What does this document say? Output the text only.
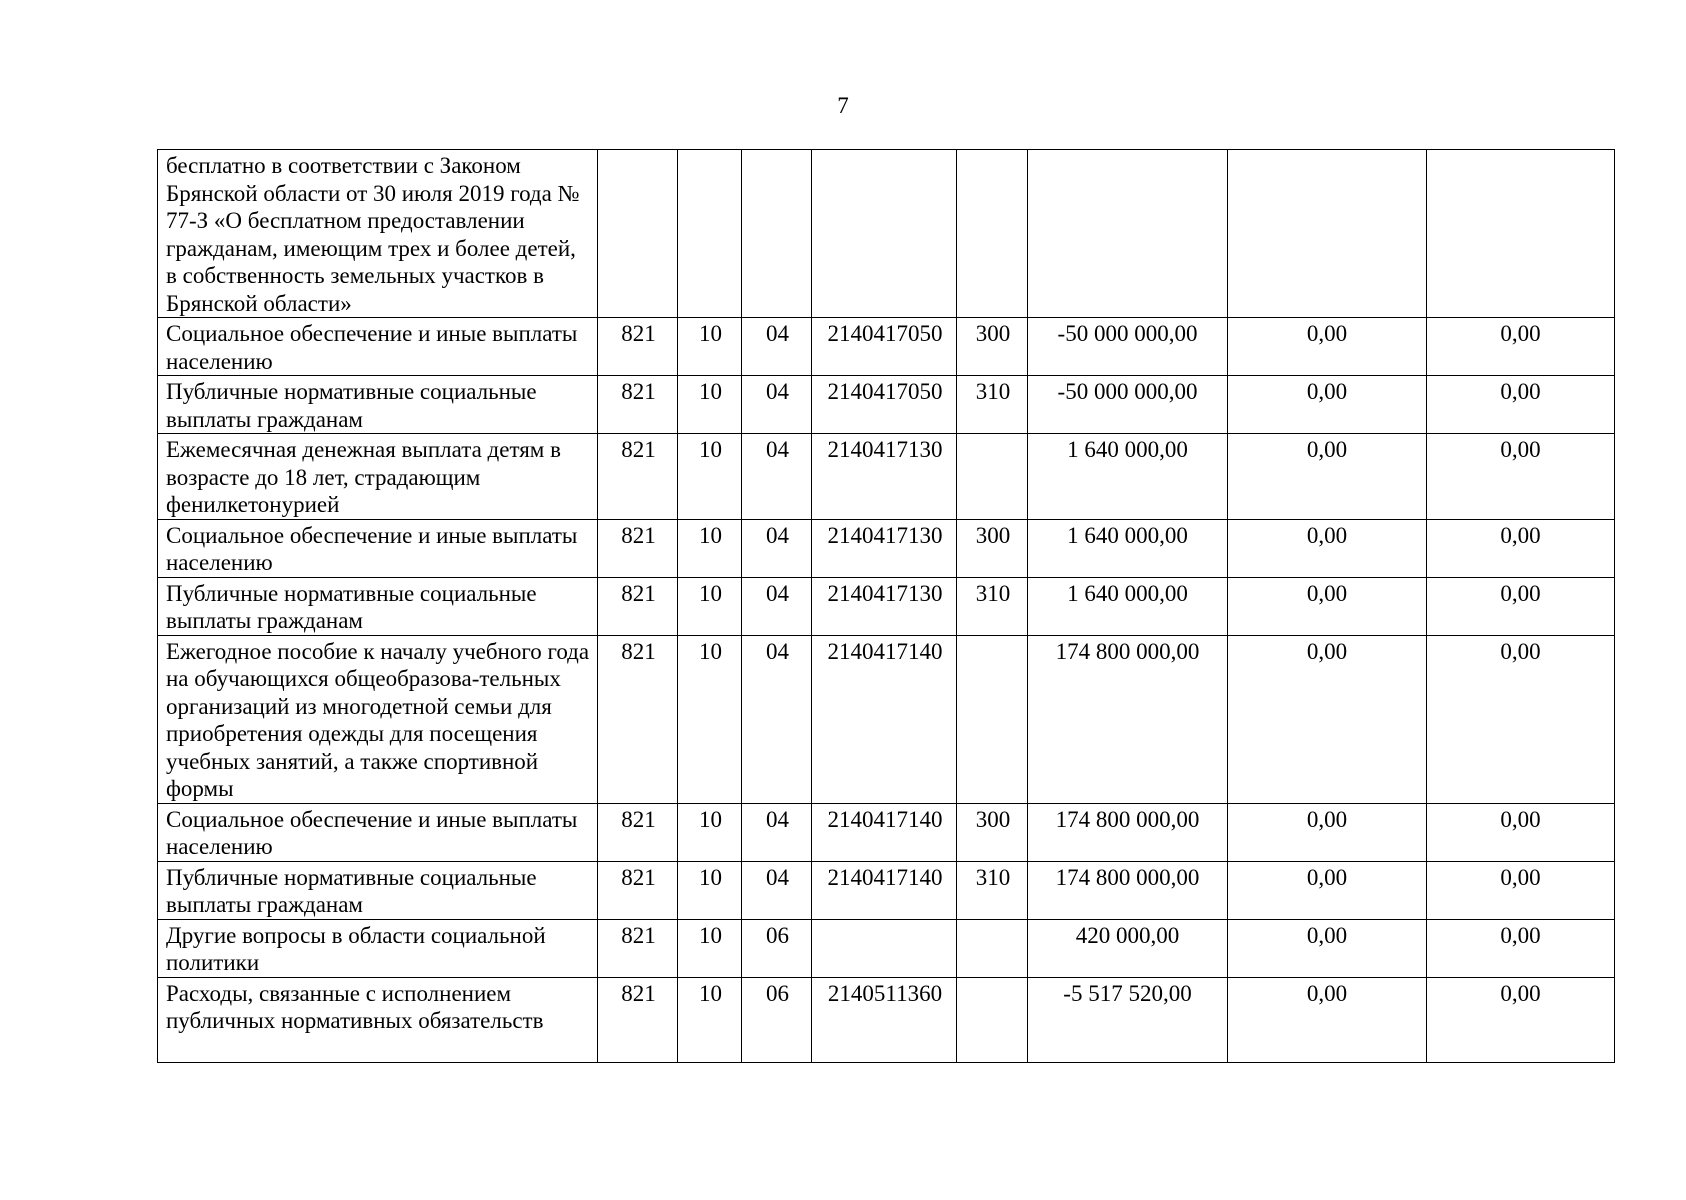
7
бесплатно в соответствии с Законом Брянской области от 30 июля 2019 года № 77-З «О бесплатном предоставлении гражданам, имеющим трех и более детей, в собственность земельных участков в Брянской области»								
Социальное обеспечение и иные выплаты населению	821	10	04	2140417050	300	-50 000 000,00	0,00	0,00
Публичные нормативные социальные выплаты гражданам	821	10	04	2140417050	310	-50 000 000,00	0,00	0,00
Ежемесячная денежная выплата детям в возрасте до 18 лет, страдающим фенилкетонурией	821	10	04	2140417130		1 640 000,00	0,00	0,00
Социальное обеспечение и иные выплаты населению	821	10	04	2140417130	300	1 640 000,00	0,00	0,00
Публичные нормативные социальные выплаты гражданам	821	10	04	2140417130	310	1 640 000,00	0,00	0,00
Ежегодное пособие к началу учебного года на обучающихся общеобразова-тельных организаций из многодетной семьи для приобретения одежды для посещения учебных занятий, а также спортивной формы	821	10	04	2140417140		174 800 000,00	0,00	0,00
Социальное обеспечение и иные выплаты населению	821	10	04	2140417140	300	174 800 000,00	0,00	0,00
Публичные нормативные социальные выплаты гражданам	821	10	04	2140417140	310	174 800 000,00	0,00	0,00
Другие вопросы в области социальной политики	821	10	06			420 000,00	0,00	0,00
Расходы, связанные с исполнением публичных нормативных обязательств	821	10	06	2140511360		-5 517 520,00	0,00	0,00
